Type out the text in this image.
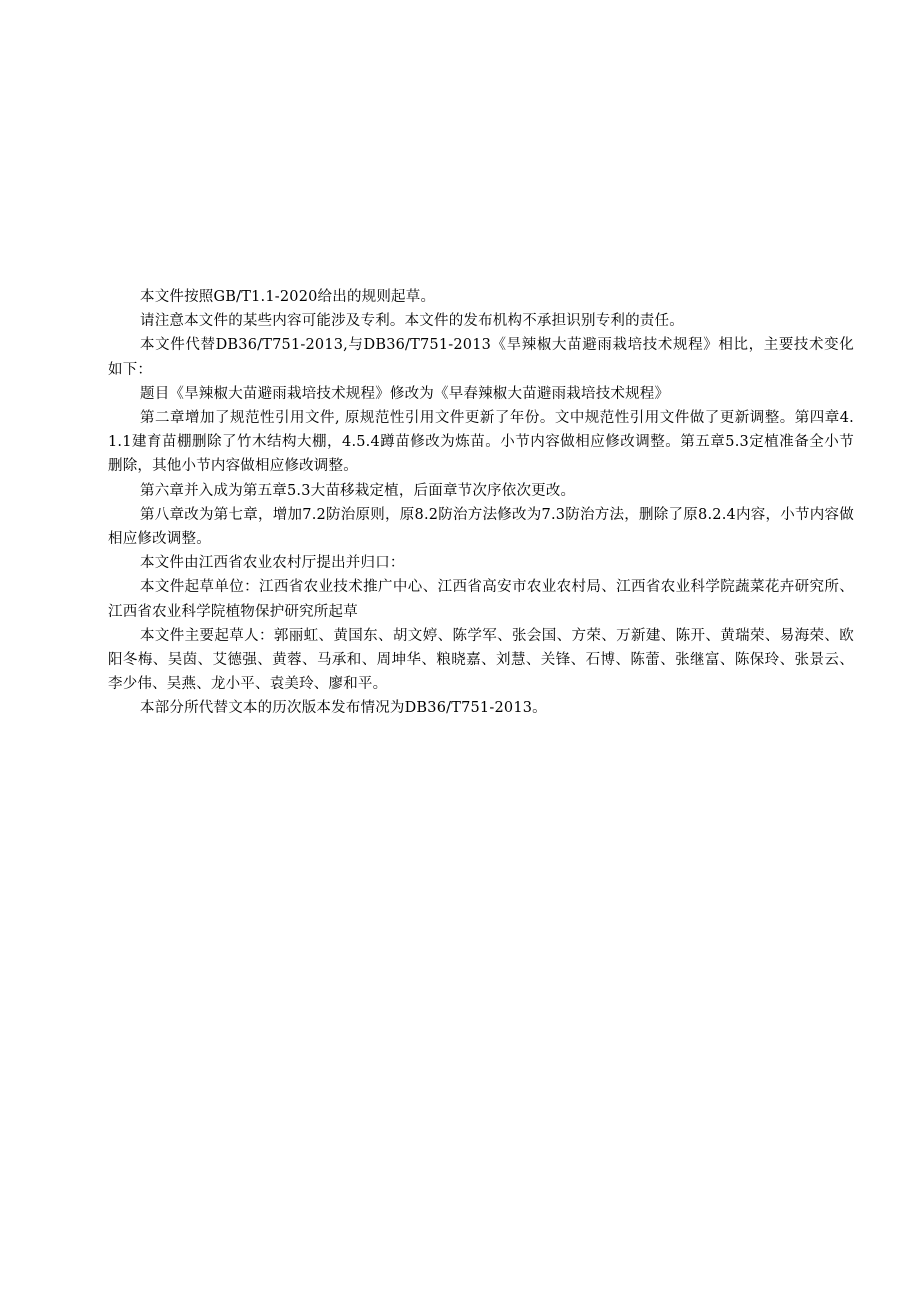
本文件按照GB/T1.1-2020给出的规则起草。

请注意本文件的某些内容可能涉及专利。本文件的发布机构不承担识别专利的责任。

本文件代替DB36/T751-2013,与DB36/T751-2013《旱辣椒大苗避雨栽培技术规程》相比，主要技术变化如下：

题目《旱辣椒大苗避雨栽培技术规程》修改为《早春辣椒大苗避雨栽培技术规程》

第二章增加了规范性引用文件, 原规范性引用文件更新了年份。文中规范性引用文件做了更新调整。第四章4.1.1建育苗棚删除了竹木结构大棚，4.5.4蹲苗修改为炼苗。小节内容做相应修改调整。第五章5.3定植准备全小节删除，其他小节内容做相应修改调整。

第六章并入成为第五章5.3大苗移栽定植，后面章节次序依次更改。

第八章改为第七章，增加7.2防治原则，原8.2防治方法修改为7.3防治方法，删除了原8.2.4内容，小节内容做相应修改调整。

本文件由江西省农业农村厅提出并归口：

本文件起草单位：江西省农业技术推广中心、江西省高安市农业农村局、江西省农业科学院蔬菜花卉研究所、江西省农业科学院植物保护研究所起草

本文件主要起草人：郭丽虹、黄国东、胡文婷、陈学军、张会国、方荣、万新建、陈开、黄瑞荣、易海荣、欧阳冬梅、吴茵、艾德强、黄蓉、马承和、周坤华、粮晓嘉、刘慧、关锋、石博、陈蕾、张继富、陈保玲、张景云、李少伟、吴燕、龙小平、袁美玲、廖和平。

本部分所代替文本的历次版本发布情况为DB36/T751-2013。
